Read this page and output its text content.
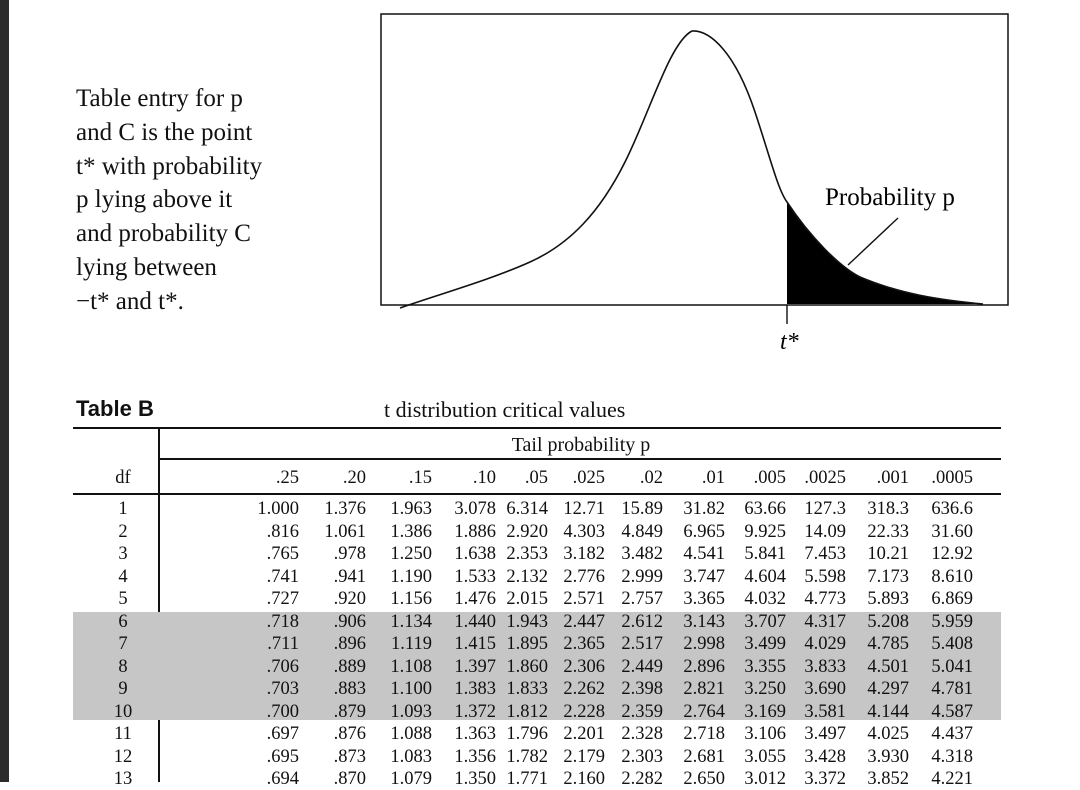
Table entry for p
and C is the point
t* with probability
p lying above it
and probability C
lying between
−t* and t*.
Probability p
t*
Table B	t distribution critical values
Tail probability p
df	.25	.20	.15	.10	.05	.025	.02	.01	.005 .0025	.001	.0005
1	1.000	1.376	1.963	3.078 6.314 12.71 15.89	31.82	63.66 127.3	318.3	636.6
2	.816	1.061	1.386	1.886 2.920 4.303 4.849	6.965	9.925 14.09	22.33	31.60
3	.765	.978	1.250	1.638 2.353 3.182 3.482	4.541	5.841 7.453	10.21	12.92
4	.741	.941	1.190	1.533 2.132 2.776 2.999	3.747	4.604 5.598	7.173	8.610
5	.727	.920	1.156	1.476 2.015 2.571 2.757	3.365	4.032 4.773	5.893	6.869
6	.718	.906	1.134	1.440 1.943 2.447 2.612	3.143	3.707 4.317	5.208	5.959
7	.711	.896	1.119	1.415 1.895 2.365 2.517	2.998	3.499 4.029	4.785	5.408
8	.706	.889	1.108	1.397 1.860 2.306 2.449	2.896	3.355 3.833	4.501	5.041
9	.703	.883	1.100	1.383 1.833 2.262 2.398	2.821	3.250 3.690	4.297	4.781
10	.700	.879	1.093	1.372 1.812 2.228 2.359	2.764	3.169 3.581	4.144	4.587
11	.697	.876	1.088	1.363 1.796 2.201 2.328	2.718	3.106 3.497	4.025	4.437
12	.695	.873	1.083	1.356 1.782 2.179 2.303	2.681	3.055 3.428	3.930	4.318
13	.694	.870	1.079	1.350 1.771 2.160 2.282	2.650	3.012 3.372	3.852	4.221
